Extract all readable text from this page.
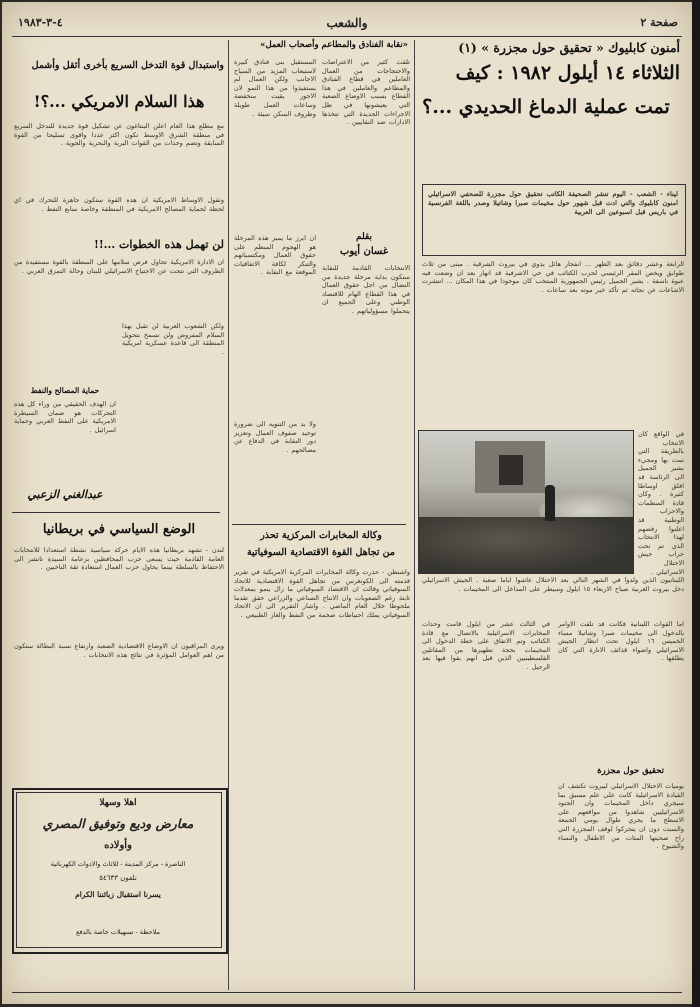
صفحة ٢
والشعب
٤-٣-١٩٨٣
أمنون كابليوك « تحقيق حول مجزرة » (١)
الثلاثاء ١٤ أيلول ١٩٨٢ : كيف
تمت عملية الدماغ الحديدي ...؟
ليناء - الشعب - اليوم تنشر الصحيفة الكاتب تحقيق حول مجزرة للصحفي الاسرائيلي امنون كابليوك والتي ادت قبل شهور حول مخيمات صبرا وشاتيلا وصدر باللغة الفرنسية في باريس قبل اسبوعين الى العربية
الرابعة وعشر دقائق بعد الظهر ... انفجار هائل يدوي في بيروت الشرقية . مبنى من ثلاث طوابق ويخص المقر الرئيسي لحزب الكتائب في حي الاشرفية قد انهار بعد ان وضعت فيه عبوة ناسفة . بشير الجميل رئيس الجمهورية المنتخب كان موجودا في هذا المكان ... انتشرت الاشاعات عن نجاته ثم تأكد خبر موته بعد ساعات .
في الواقع كان الانتخاب بالطريقة التي تمت بها ومجيء بشير الجميل الى الرئاسة قد اقلق اوساطا كثيرة . وكان قادة المنظمات والاحزاب الوطنية قد اعلنوا رفضهم لهذا الانتخاب الذي تم تحت حراب جيش الاحتلال الاسرائيلي .
اللبنانيون الذين ولدوا في الشهر التالي بعد الاحتلال عاشوا اياما صعبة . الجيش الاسرائيلي دخل بيروت الغربية صباح الاربعاء ١٥ ايلول وسيطر على المداخل الى المخيمات .
اما القوات اللبنانية فكانت قد تلقت الاوامر بالدخول الى مخيمات صبرا وشاتيلا مساء الخميس ١٦ ايلول تحت انظار الجيش الاسرائيلي واضواء قذائف الانارة التي كان يطلقها .
في الثالث عشر من ايلول قامت وحدات المخابرات الاسرائيلية بالاتصال مع قادة الكتائب وتم الاتفاق على خطة الدخول الى المخيمات بحجة تطهيرها من المقاتلين الفلسطينيين الذين قيل انهم بقوا فيها بعد الرحيل .
تحقيق حول مجزرة
يوميات الاحتلال الاسرائيلي لبيروت تكشف ان القيادة الاسرائيلية كانت على علم مسبق بما سيجري داخل المخيمات وان الجنود الاسرائيليين شاهدوا من مواقعهم على الاسطح ما يجري طوال يومي الجمعة والسبت دون ان يتحركوا لوقف المجزرة التي راح ضحيتها المئات من الاطفال والنساء والشيوخ .
«نقابة الفنادق والمطاعم وأصحاب العمل»
تلقت كثير من الاعتراضات والاحتجاجات من العمال العاملين في قطاع الفنادق والمطاعم والعاملين في هذا القطاع بسبب الاوضاع الصعبة التي يعيشونها في ظل الاجراءات الجديدة التي تتخذها الادارات ضد النقابيين .
المستقبل بنى فنادق كبيرة لاستيعاب المزيد من السياح الاجانب ولكن العمال لم يستفيدوا من هذا النمو لان الاجور بقيت منخفضة وساعات العمل طويلة وظروف السكن سيئة .
بقلم
غسان أيوب
الانتخابات القادمة للنقابة ستكون بداية مرحلة جديدة من النضال من اجل حقوق العمال في هذا القطاع الهام للاقتصاد الوطني وعلى الجميع ان يتحملوا مسؤولياتهم .
ان ابرز ما يميز هذه المرحلة هو الهجوم المنظم على حقوق العمال ومكتسباتهم والتنكر لكافة الاتفاقيات الموقعة مع النقابة .
ولا بد من التنويه الى ضرورة توحيد صفوف العمال وتعزيز دور النقابة في الدفاع عن مصالحهم .
وكالة المخابرات المركزية تحذر
من تجاهل القوة الاقتصادية السوفياتية
واشنطن - حذرت وكالة المخابرات المركزية الامريكية في تقرير قدمته الى الكونغرس من تجاهل القوة الاقتصادية للاتحاد السوفياتي وقالت ان الاقتصاد السوفياتي ما زال ينمو بمعدلات ثابتة رغم الصعوبات وان الانتاج الصناعي والزراعي حقق تقدما ملحوظا خلال العام الماضي . واشار التقرير الى ان الاتحاد السوفياتي يملك احتياطات ضخمة من النفط والغاز الطبيعي .
واستبدال قوة التدخل السريع بأخرى أثقل وأشمل
هذا السلام الامريكي ...؟!
مع مطلع هذا العام اعلن البنتاغون عن تشكيل قوة جديدة للتدخل السريع في منطقة الشرق الاوسط تكون اكثر عددا واقوى تسليحا من القوة السابقة وتضم وحدات من القوات البرية والبحرية والجوية .
وتقول الاوساط الامريكية ان هذه القوة ستكون جاهزة للتحرك في اي لحظة لحماية المصالح الامريكية في المنطقة وخاصة منابع النفط .
لن تهمل هذه الخطوات ...!!
ان الادارة الامريكية تحاول فرض سلامها على المنطقة بالقوة مستفيدة من الظروف التي نتجت عن الاجتياح الاسرائيلي للبنان وحالة التمزق العربي .
ولكن الشعوب العربية لن تقبل بهذا السلام المفروض ولن تسمح بتحويل المنطقة الى قاعدة عسكرية امريكية .
حماية المصالح والنفط
ان الهدف الحقيقي من وراء كل هذه التحركات هو ضمان السيطرة الامريكية على النفط العربي وحماية اسرائيل .
عبدالغني الزعبي
الوضع السياسي في بريطانيا
لندن - تشهد بريطانيا هذه الايام حركة سياسية نشطة استعدادا للانتخابات العامة القادمة حيث يسعى حزب المحافظين بزعامة السيدة تاتشر الى الاحتفاظ بالسلطة بينما يحاول حزب العمال استعادة ثقة الناخبين .
ويرى المراقبون ان الاوضاع الاقتصادية الصعبة وارتفاع نسبة البطالة ستكون من اهم العوامل المؤثرة في نتائج هذه الانتخابات .
اهلا وسهلا
معارض وديع وتوفيق المصري
وأولاده
الناصرة - مركز المدينة - للاثاث والادوات الكهربائية
تلفون ٥٤٦٣٣
يسرنا استقبال زبائننا الكرام
ملاحظة - تسهيلات خاصة بالدفع
